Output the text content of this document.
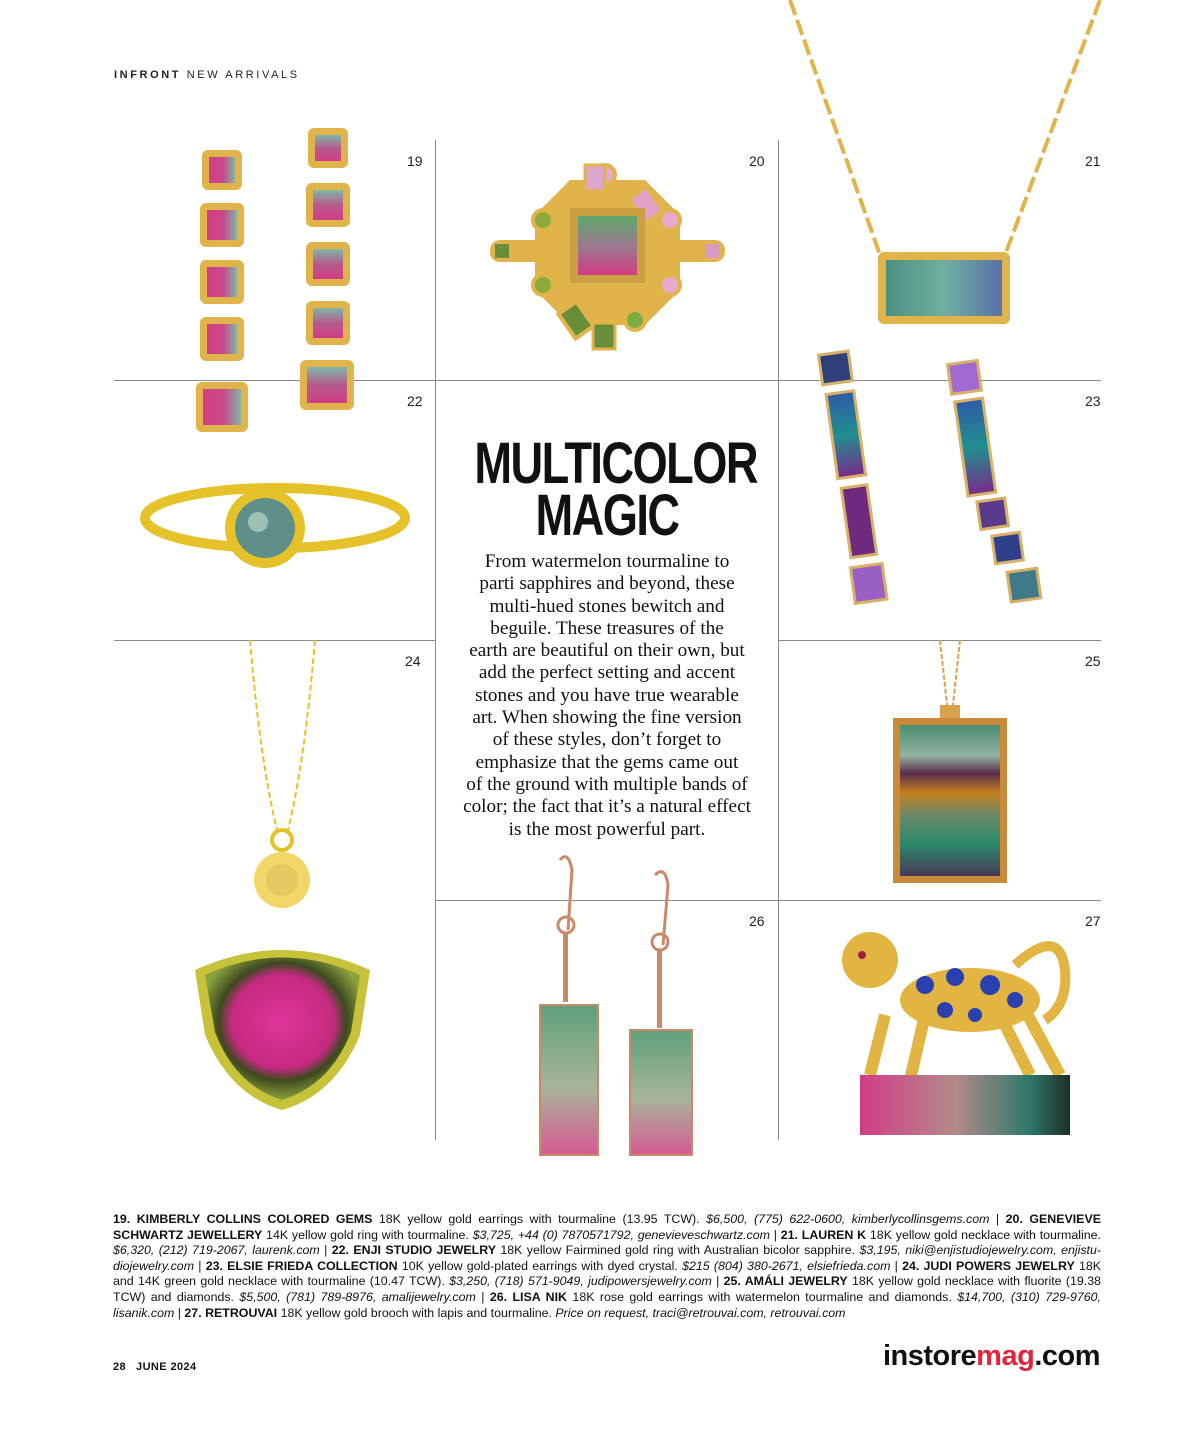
INFRONT NEW ARRIVALS
19	20	21
22	23
24	25
26	27
MULTICOLOR
MAGIC
From watermelon tourmaline to
parti sapphires and beyond, these
multi-hued stones bewitch and
beguile. These treasures of the
earth are beautiful on their own, but
add the perfect setting and accent
stones and you have true wearable
art. When showing the fine version
of these styles, don’t forget to
emphasize that the gems came out
of the ground with multiple bands of
color; the fact that it’s a natural effect
is the most powerful part.
19. KIMBERLY COLLINS COLORED GEMS 18K yellow gold earrings with tourmaline (13.95 TCW). $6,500, (775) 622-0600, kimberlycollinsgems.com | 20. GENEVIEVE SCHWARTZ JEWELLERY 14K yellow gold ring with tourmaline. $3,725, +44 (0) 7870571792, genevieveschwartz.com | 21. LAUREN K 18K yellow gold necklace with tourmaline. $6,320, (212) 719-2067, laurenk.com | 22. ENJI STUDIO JEWELRY 18K yellow Fairmined gold ring with Australian bicolor sapphire. $3,195, niki@enjistudiojewelry.com, enjistu-diojewelry.com | 23. ELSIE FRIEDA COLLECTION 10K yellow gold-plated earrings with dyed crystal. $215 (804) 380-2671, elsiefrieda.com | 24. JUDI POWERS JEWELRY 18K and 14K green gold necklace with tourmaline (10.47 TCW). $3,250, (718) 571-9049, judipowersjewelry.com | 25. AMÁLI JEWELRY 18K yellow gold necklace with fluorite (19.38 TCW) and diamonds. $5,500, (781) 789-8976, amalijewelry.com | 26. LISA NIK 18K rose gold earrings with watermelon tourmaline and diamonds. $14,700, (310) 729-9760, lisanik.com | 27. RETROUVAI 18K yellow gold brooch with lapis and tourmaline. Price on request, traci@retrouvai.com, retrouvai.com
28 JUNE 2024	instoremag.com
